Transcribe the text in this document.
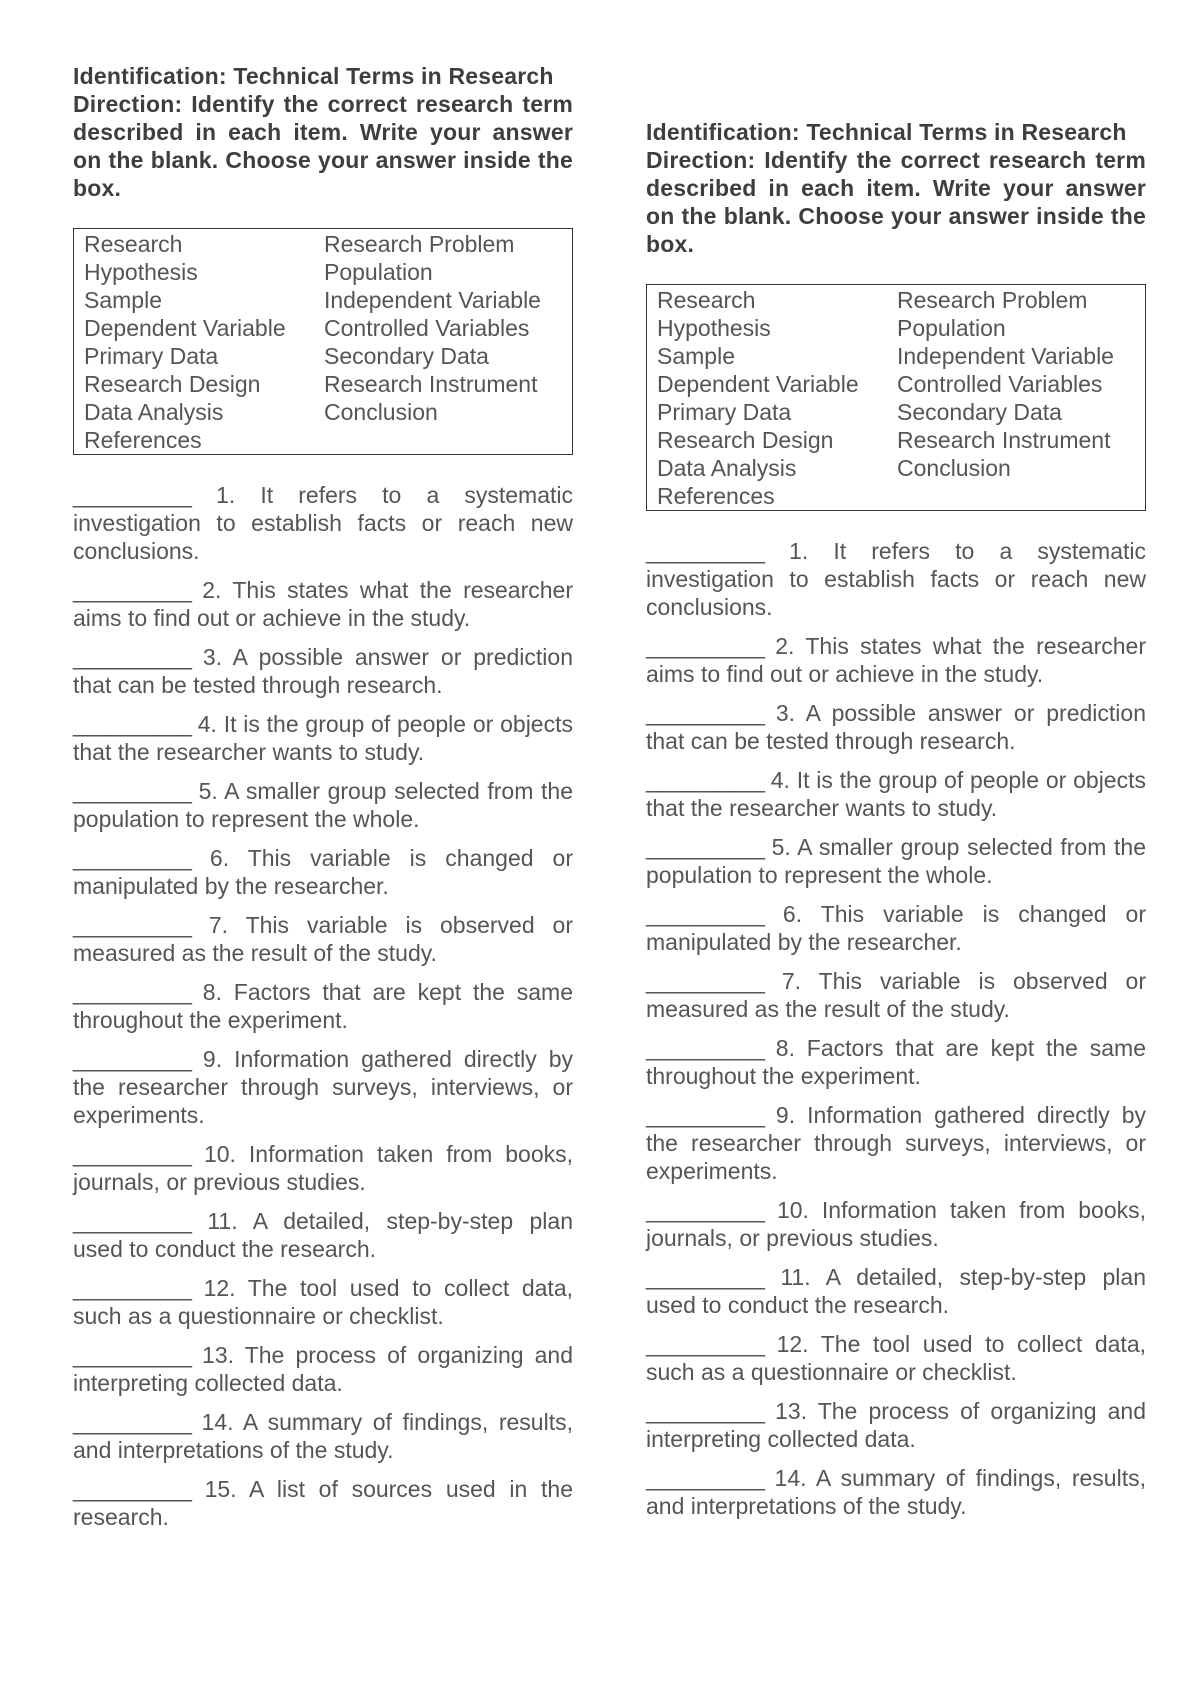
Identification: Technical Terms in Research

Direction: Identify the correct research term described in each item. Write your answer on the blank. Choose your answer inside the box.

Research	Research Problem
Hypothesis	Population
Sample	Independent Variable
Dependent Variable	Controlled Variables
Primary Data	Secondary Data
Research Design	Research Instrument
Data Analysis	Conclusion
References
__________ 1. It refers to a systematic investigation to establish facts or reach new conclusions.
__________ 2. This states what the researcher aims to find out or achieve in the study.
__________ 3. A possible answer or prediction that can be tested through research.
__________ 4. It is the group of people or objects that the researcher wants to study.
__________ 5. A smaller group selected from the population to represent the whole.
__________ 6. This variable is changed or manipulated by the researcher.
__________ 7. This variable is observed or measured as the result of the study.
__________ 8. Factors that are kept the same throughout the experiment.
__________ 9. Information gathered directly by the researcher through surveys, interviews, or experiments.
__________ 10. Information taken from books, journals, or previous studies.
__________ 11. A detailed, step-by-step plan used to conduct the research.
__________ 12. The tool used to collect data, such as a questionnaire or checklist.
__________ 13. The process of organizing and interpreting collected data.
__________ 14. A summary of findings, results, and interpretations of the study.
__________ 15. A list of sources used in the research.
Identification: Technical Terms in Research

Direction: Identify the correct research term described in each item. Write your answer on the blank. Choose your answer inside the box.

Research	Research Problem
Hypothesis	Population
Sample	Independent Variable
Dependent Variable	Controlled Variables
Primary Data	Secondary Data
Research Design	Research Instrument
Data Analysis	Conclusion
References
__________ 1. It refers to a systematic investigation to establish facts or reach new conclusions.
__________ 2. This states what the researcher aims to find out or achieve in the study.
__________ 3. A possible answer or prediction that can be tested through research.
__________ 4. It is the group of people or objects that the researcher wants to study.
__________ 5. A smaller group selected from the population to represent the whole.
__________ 6. This variable is changed or manipulated by the researcher.
__________ 7. This variable is observed or measured as the result of the study.
__________ 8. Factors that are kept the same throughout the experiment.
__________ 9. Information gathered directly by the researcher through surveys, interviews, or experiments.
__________ 10. Information taken from books, journals, or previous studies.
__________ 11. A detailed, step-by-step plan used to conduct the research.
__________ 12. The tool used to collect data, such as a questionnaire or checklist.
__________ 13. The process of organizing and interpreting collected data.
__________ 14. A summary of findings, results, and interpretations of the study.
